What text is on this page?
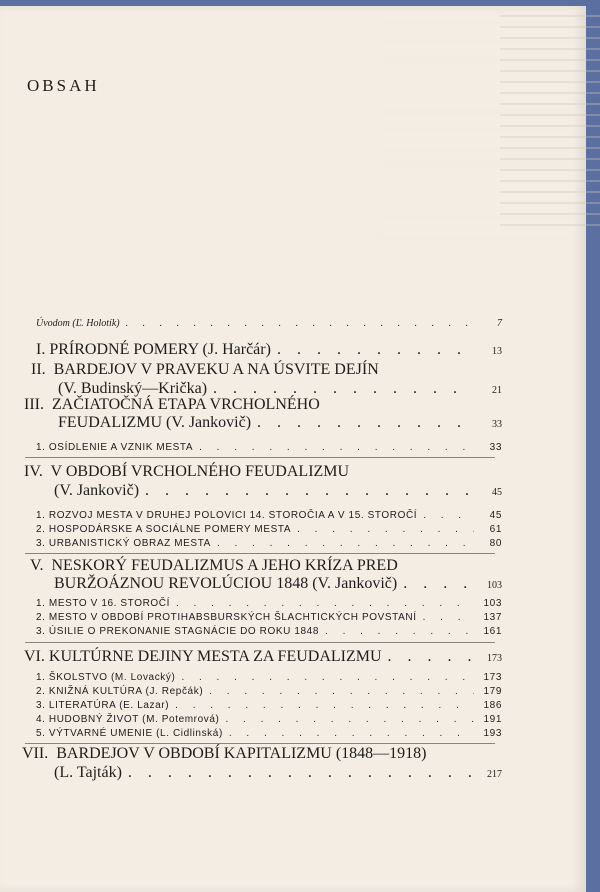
OBSAH
Úvodom
(Ľ. Holotík) . . .	7
I.
PRÍRODNÉ POMERY (J. Harčár) . . .	13
II. BARDEJOV V PRAVEKU A NA ÚSVITE DEJÍN
(V. Budinský—Krička) . . .	21
III. ZAČIATOČNÁ ETAPA VRCHOLNÉHO
FEUDALIZMU (V. Jankovič) . . .	33
1. OSÍDLENIE A VZNIK MESTA . . .	33
IV. V OBDOBÍ VRCHOLNÉHO FEUDALIZMU
(V. Jankovič) . . .	45
1. ROZVOJ MESTA V DRUHEJ POLOVICI 14. STOROČIA A V 15. STOROČÍ . . .	45
2. HOSPODÁRSKE A SOCIÁLNE POMERY MESTA . . .	61
3. URBANISTICKÝ OBRAZ MESTA . . .	80
V. NESKORÝ FEUDALIZMUS A JEHO KRÍZA PRED
BURŽOÁZNOU REVOLÚCIOU 1848 (V. Jankovič) . . .	103
1. MESTO V 16. STOROČÍ . . .	103
2. MESTO V OBDOBÍ PROTIHABSBURSKÝCH ŠLACHTICKÝCH POVSTANÍ . . .	137
3. ÚSILIE O PREKONANIE STAGNÁCIE DO ROKU 1848 . . .	161
VI.
KULTÚRNE DEJINY MESTA ZA FEUDALIZMU . . .	173
1. ŠKOLSTVO (M. Lovacký) . . .	173
2. KNIŽNÁ KULTÚRA (J. Repčák) . . .	179
3. LITERATÚRA (E. Lazar) . . .	186
4. HUDOBNÝ ŽIVOT (M. Potemrová) . . .	191
5. VÝTVARNÉ UMENIE (L. Cidlinská) . . .	193
VII. BARDEJOV V OBDOBÍ KAPITALIZMU (1848—1918)
(L. Tajták) . . .	217
